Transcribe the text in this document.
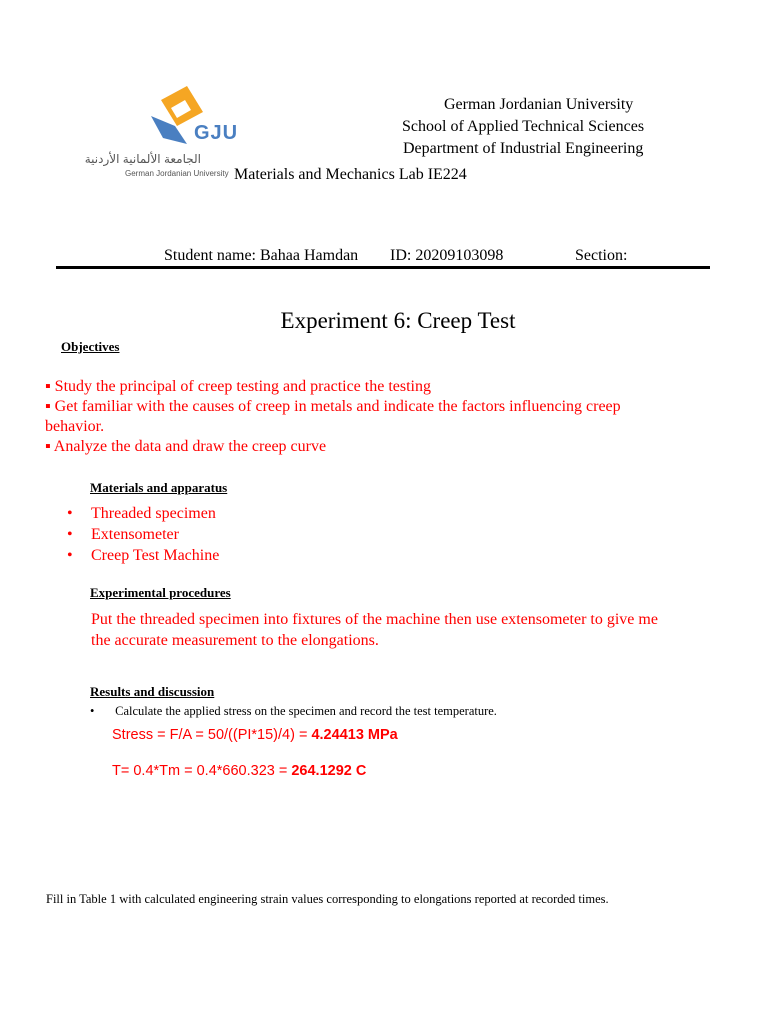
GJU
الجامعة الألمانية الأردنية
German Jordanian University
German Jordanian University
School of Applied Technical Sciences
Department of Industrial Engineering
Materials and Mechanics Lab IE224
Student name: Bahaa Hamdan ID: 20209103098	Section:
Experiment 6: Creep Test
Objectives
▪ Study the principal of creep testing and practice the testing
▪ Get familiar with the causes of creep in metals and indicate the factors influencing creep
behavior.
▪ Analyze the data and draw the creep curve
Materials and apparatus
• Threaded specimen
• Extensometer
• Creep Test Machine
Experimental procedures
Put the threaded specimen into fixtures of the machine then use extensometer to give me
the accurate measurement to the elongations.
Results and discussion
• Calculate the applied stress on the specimen and record the test temperature.
Stress = F/A = 50/((PI*15)/4) = 4.24413 MPa
T= 0.4*Tm = 0.4*660.323 = 264.1292 C
Fill in Table 1 with calculated engineering strain values corresponding to elongations reported at recorded times.
